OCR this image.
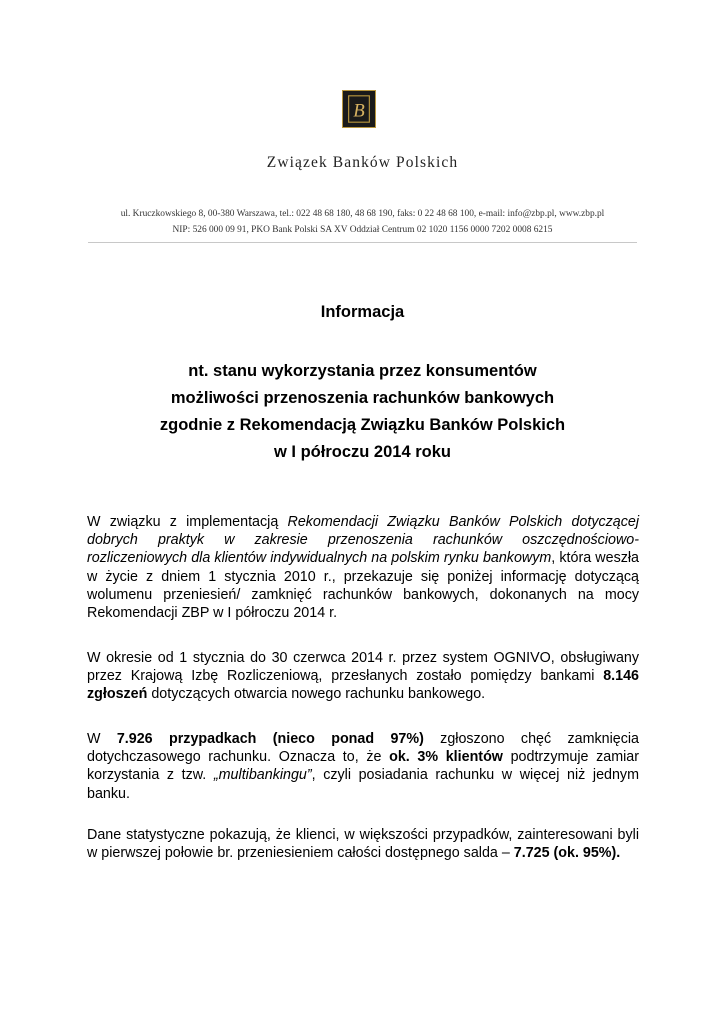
B
Związek Banków Polskich
ul. Kruczkowskiego 8, 00-380 Warszawa, tel.: 022 48 68 180, 48 68 190, faks: 0 22 48 68 100, e-mail: info@zbp.pl, www.zbp.pl
NIP: 526 000 09 91, PKO Bank Polski SA XV Oddział Centrum 02 1020 1156 0000 7202 0008 6215
Informacja
nt. stanu wykorzystania przez konsumentów
możliwości przenoszenia rachunków bankowych
zgodnie z Rekomendacją Związku Banków Polskich
w I półroczu 2014 roku

W związku z implementacją Rekomendacji Związku Banków Polskich dotyczącej dobrych praktyk w zakresie przenoszenia rachunków oszczędnościowo-rozliczeniowych dla klientów indywidualnych na polskim rynku bankowym, która weszła w życie z dniem 1 stycznia 2010 r., przekazuje się poniżej informację dotyczącą wolumenu przeniesień/ zamknięć rachunków bankowych, dokonanych na mocy Rekomendacji ZBP w I półroczu 2014 r.

W okresie od 1 stycznia do 30 czerwca 2014 r. przez system OGNIVO, obsługiwany przez Krajową Izbę Rozliczeniową, przesłanych zostało pomiędzy bankami 8.146 zgłoszeń dotyczących otwarcia nowego rachunku bankowego.

W 7.926 przypadkach (nieco ponad 97%) zgłoszono chęć zamknięcia dotychczasowego rachunku. Oznacza to, że ok. 3% klientów podtrzymuje zamiar korzystania z tzw. „multibankingu”, czyli posiadania rachunku w więcej niż jednym banku.

Dane statystyczne pokazują, że klienci, w większości przypadków, zainteresowani byli w pierwszej połowie br. przeniesieniem całości dostępnego salda – 7.725 (ok. 95%).
